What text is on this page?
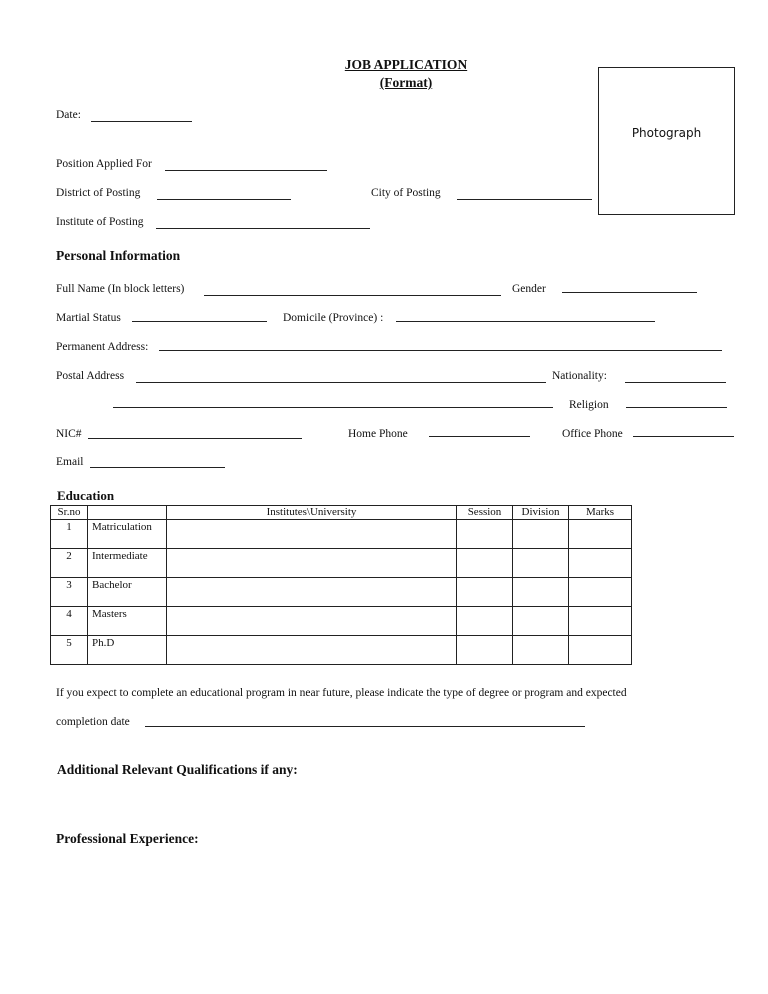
JOB APPLICATION
(Format)
Photograph
Date:
Position Applied For
District of Posting	City of Posting
Institute of Posting
Personal Information
Full Name (In block letters)	Gender
Martial Status	Domicile (Province) :
Permanent Address:
Postal Address	Nationality:
Religion
NIC#	Home Phone	Office Phone
Email
Education
Sr.no		Institutes\University	Session	Division	Marks
1	Matriculation				
2	Intermediate				
3	Bachelor				
4	Masters				
5	Ph.D				
If you expect to complete an educational program in near future, please indicate the type of degree or program and expected
completion date
Additional Relevant Qualifications if any:
Professional Experience:
